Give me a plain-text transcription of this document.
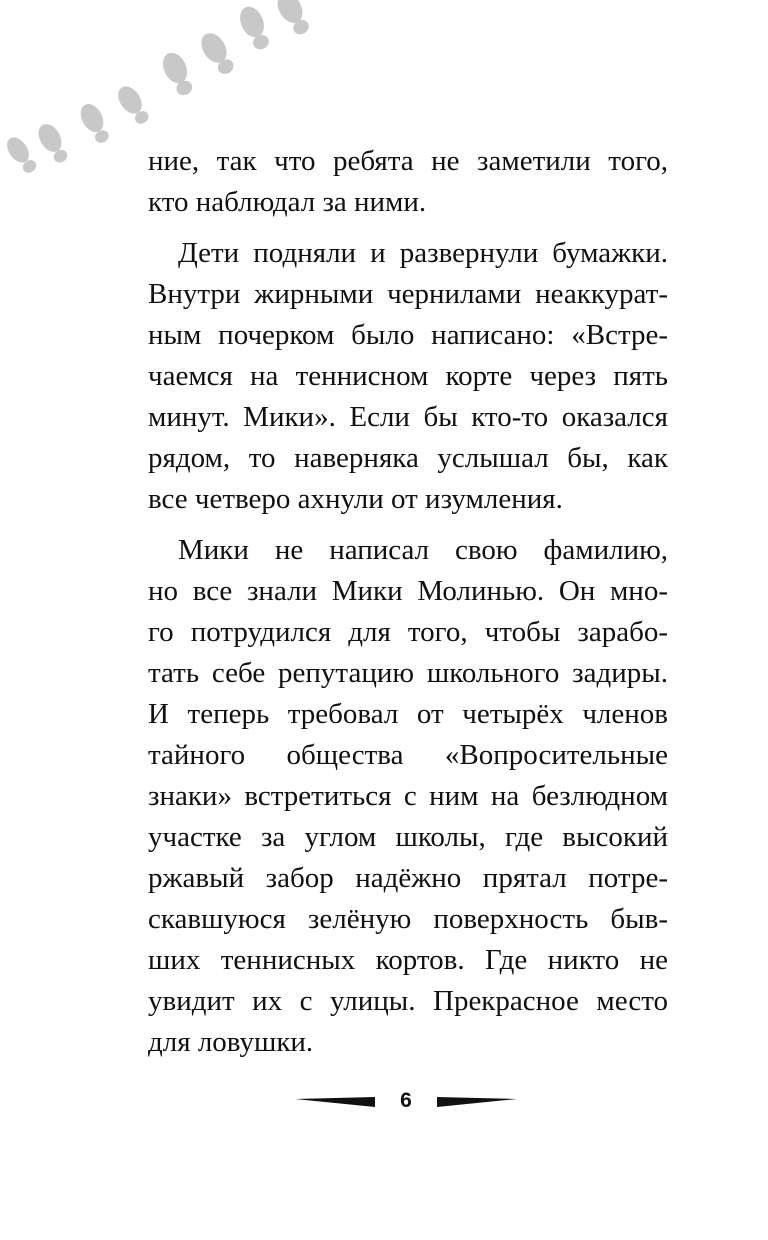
ние, так что ребята не заметили того,
кто наблюдал за ними.
Дети подняли и развернули бумажки.
Внутри жирными чернилами неаккурат-
ным почерком было написано: «Встре-
чаемся на теннисном корте через пять
минут. Мики». Если бы кто-то оказался
рядом, то наверняка услышал бы, как
все четверо ахнули от изумления.
Мики не написал свою фамилию,
но все знали Мики Молинью. Он мно-
го потрудился для того, чтобы зарабо-
тать себе репутацию школьного задиры.
И теперь требовал от четырёх членов
тайного общества «Вопросительные
знаки» встретиться с ним на безлюдном
участке за углом школы, где высокий
ржавый забор надёжно прятал потре-
скавшуюся зелёную поверхность быв-
ших теннисных кортов. Где никто не
увидит их с улицы. Прекрасное место
для ловушки.
6
